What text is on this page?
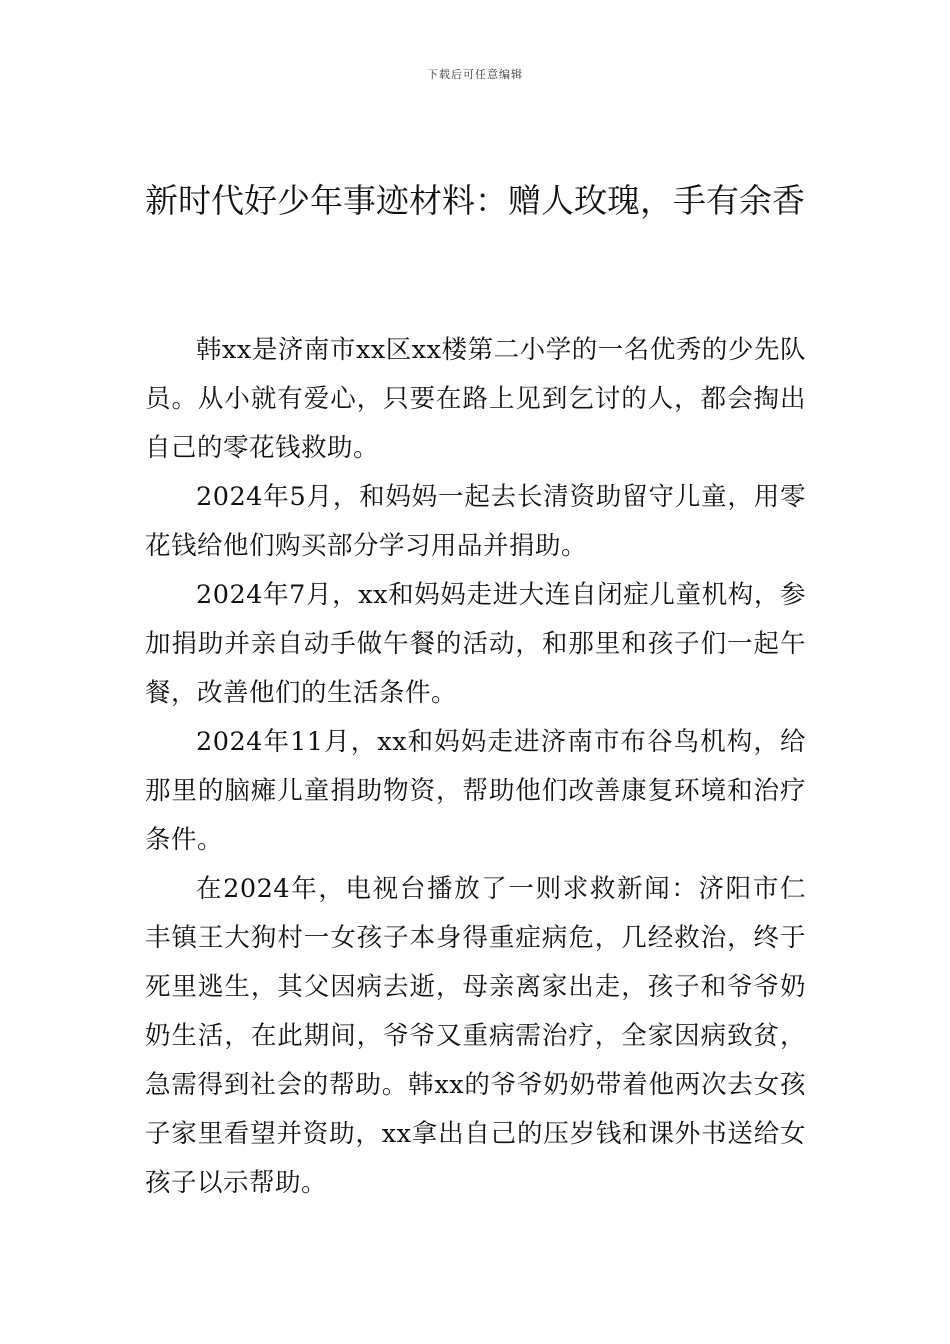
下载后可任意编辑
新时代好少年事迹材料：赠人玫瑰，手有余香

韩xx是济南市xx区xx楼第二小学的一名优秀的少先队员。从小就有爱心，只要在路上见到乞讨的人，都会掏出自己的零花钱救助。

2024年5月，和妈妈一起去长清资助留守儿童，用零花钱给他们购买部分学习用品并捐助。

2024年7月，xx和妈妈走进大连自闭症儿童机构，参加捐助并亲自动手做午餐的活动，和那里和孩子们一起午餐，改善他们的生活条件。

2024年11月，xx和妈妈走进济南市布谷鸟机构，给那里的脑瘫儿童捐助物资，帮助他们改善康复环境和治疗条件。

在2024年，电视台播放了一则求救新闻：济阳市仁丰镇王大狗村一女孩子本身得重症病危，几经救治，终于死里逃生，其父因病去逝，母亲离家出走，孩子和爷爷奶奶生活，在此期间，爷爷又重病需治疗，全家因病致贫，急需得到社会的帮助。韩xx的爷爷奶奶带着他两次去女孩子家里看望并资助，xx拿出自己的压岁钱和课外书送给女孩子以示帮助。
